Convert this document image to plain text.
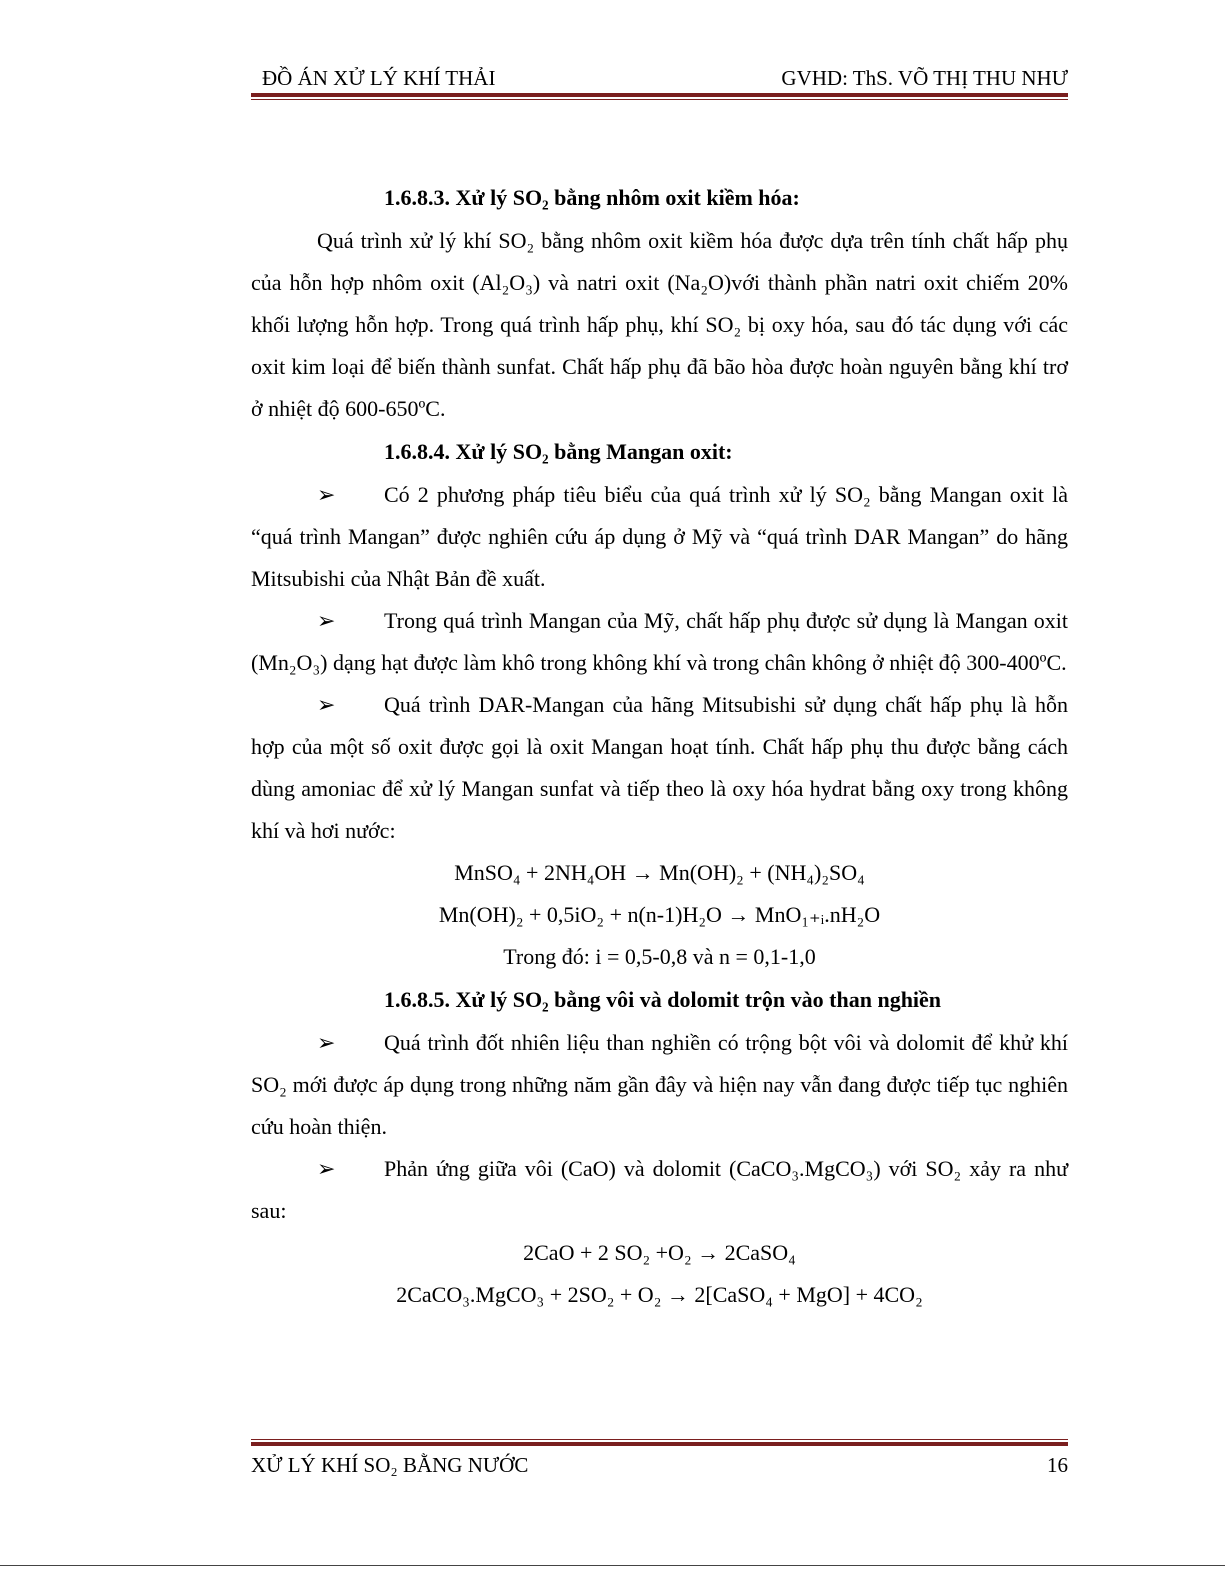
ĐỒ ÁN XỬ LÝ KHÍ THẢI	GVHD: ThS. VÕ THỊ THU NHƯ

1.6.8.3. Xử lý SO₂ bằng nhôm oxit kiềm hóa:

Quá trình xử lý khí SO₂ bằng nhôm oxit kiềm hóa được dựa trên tính chất hấp phụ của hỗn hợp nhôm oxit (Al₂O₃) và natri oxit (Na₂O)với thành phần natri oxit chiếm 20% khối lượng hỗn hợp. Trong quá trình hấp phụ, khí SO₂ bị oxy hóa, sau đó tác dụng với các oxit kim loại để biến thành sunfat. Chất hấp phụ đã bão hòa được hoàn nguyên bằng khí trơ ở nhiệt độ 600-650ºC.

1.6.8.4. Xử lý SO₂ bằng Mangan oxit:

➢ Có 2 phương pháp tiêu biểu của quá trình xử lý SO₂ bằng Mangan oxit là “quá trình Mangan” được nghiên cứu áp dụng ở Mỹ và “quá trình DAR Mangan” do hãng Mitsubishi của Nhật Bản đề xuất.

➢ Trong quá trình Mangan của Mỹ, chất hấp phụ được sử dụng là Mangan oxit (Mn₂O₃) dạng hạt được làm khô trong không khí và trong chân không ở nhiệt độ 300-400ºC.

➢ Quá trình DAR-Mangan của hãng Mitsubishi sử dụng chất hấp phụ là hỗn hợp của một số oxit được gọi là oxit Mangan hoạt tính. Chất hấp phụ thu được bằng cách dùng amoniac để xử lý Mangan sunfat và tiếp theo là oxy hóa hydrat bằng oxy trong không khí và hơi nước:

MnSO₄ + 2NH₄OH → Mn(OH)₂ + (NH₄)₂SO₄

Mn(OH)₂ + 0,5iO₂ + n(n-1)H₂O → MnO₁₊ᵢ.nH₂O

Trong đó: i = 0,5-0,8 và n = 0,1-1,0

1.6.8.5. Xử lý SO₂ bằng vôi và dolomit trộn vào than nghiền

➢ Quá trình đốt nhiên liệu than nghiền có trộng bột vôi và dolomit để khử khí SO₂ mới được áp dụng trong những năm gần đây và hiện nay vẫn đang được tiếp tục nghiên cứu hoàn thiện.

➢ Phản ứng giữa vôi (CaO) và dolomit (CaCO₃.MgCO₃) với SO₂ xảy ra như sau:

2CaO + 2 SO₂ +O₂ → 2CaSO₄

2CaCO₃.MgCO₃ + 2SO₂ + O₂ → 2[CaSO₄ + MgO] + 4CO₂

XỬ LÝ KHÍ SO₂ BẰNG NƯỚC	16
